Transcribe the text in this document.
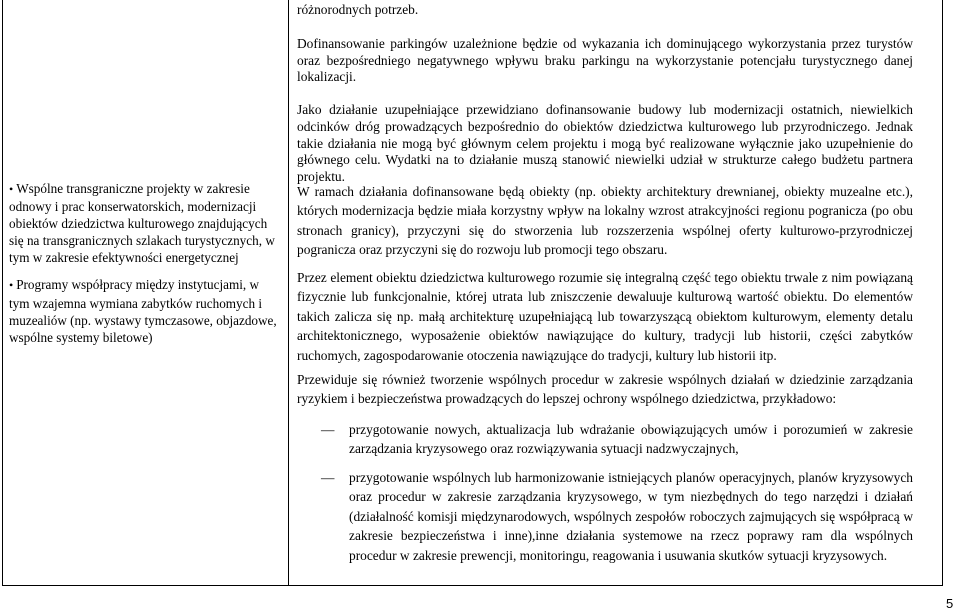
• Wspólne transgraniczne projekty w zakresie odnowy i prac konserwatorskich, modernizacji obiektów dziedzictwa kulturowego znajdujących się na transgranicznych szlakach turystycznych, w tym w zakresie efektywności energetycznej
• Programy współpracy między instytucjami, w tym wzajemna wymiana zabytków ruchomych i muzealiów (np. wystawy tymczasowe, objazdowe, wspólne systemy biletowe)

różnorodnych potrzeb.

Dofinansowanie parkingów uzależnione będzie od wykazania ich dominującego wykorzystania przez turystów oraz bezpośredniego negatywnego wpływu braku parkingu na wykorzystanie potencjału turystycznego danej lokalizacji.

Jako działanie uzupełniające przewidziano dofinansowanie budowy lub modernizacji ostatnich, niewielkich odcinków dróg prowadzących bezpośrednio do obiektów dziedzictwa kulturowego lub przyrodniczego. Jednak takie działania nie mogą być głównym celem projektu i mogą być realizowane wyłącznie jako uzupełnienie do głównego celu. Wydatki na to działanie muszą stanowić niewielki udział w strukturze całego budżetu partnera projektu.

W ramach działania dofinansowane będą obiekty (np. obiekty architektury drewnianej, obiekty muzealne etc.), których modernizacja będzie miała korzystny wpływ na lokalny wzrost atrakcyjności regionu pogranicza (po obu stronach granicy), przyczyni się do stworzenia lub rozszerzenia wspólnej oferty kulturowo-przyrodniczej pogranicza oraz przyczyni się do rozwoju lub promocji tego obszaru.

Przez element obiektu dziedzictwa kulturowego rozumie się integralną część tego obiektu trwale z nim powiązaną fizycznie lub funkcjonalnie, której utrata lub zniszczenie dewaluuje kulturową wartość obiektu. Do elementów takich zalicza się np. małą architekturę uzupełniającą lub towarzyszącą obiektom kulturowym, elementy detalu architektonicznego, wyposażenie obiektów nawiązujące do kultury, tradycji lub historii, części zabytków ruchomych, zagospodarowanie otoczenia nawiązujące do tradycji, kultury lub historii itp.

Przewiduje się również tworzenie wspólnych procedur w zakresie wspólnych działań w dziedzinie zarządzania ryzykiem i bezpieczeństwa prowadzących do lepszej ochrony wspólnego dziedzictwa, przykładowo:

— przygotowanie nowych, aktualizacja lub wdrażanie obowiązujących umów i porozumień w zakresie zarządzania kryzysowego oraz rozwiązywania sytuacji nadzwyczajnych,
— przygotowanie wspólnych lub harmonizowanie istniejących planów operacyjnych, planów kryzysowych oraz procedur w zakresie zarządzania kryzysowego, w tym niezbędnych do tego narzędzi i działań (działalność komisji międzynarodowych, wspólnych zespołów roboczych zajmujących się współpracą w zakresie bezpieczeństwa i inne),inne działania systemowe na rzecz poprawy ram dla wspólnych procedur w zakresie prewencji, monitoringu, reagowania i usuwania skutków sytuacji kryzysowych.
5
